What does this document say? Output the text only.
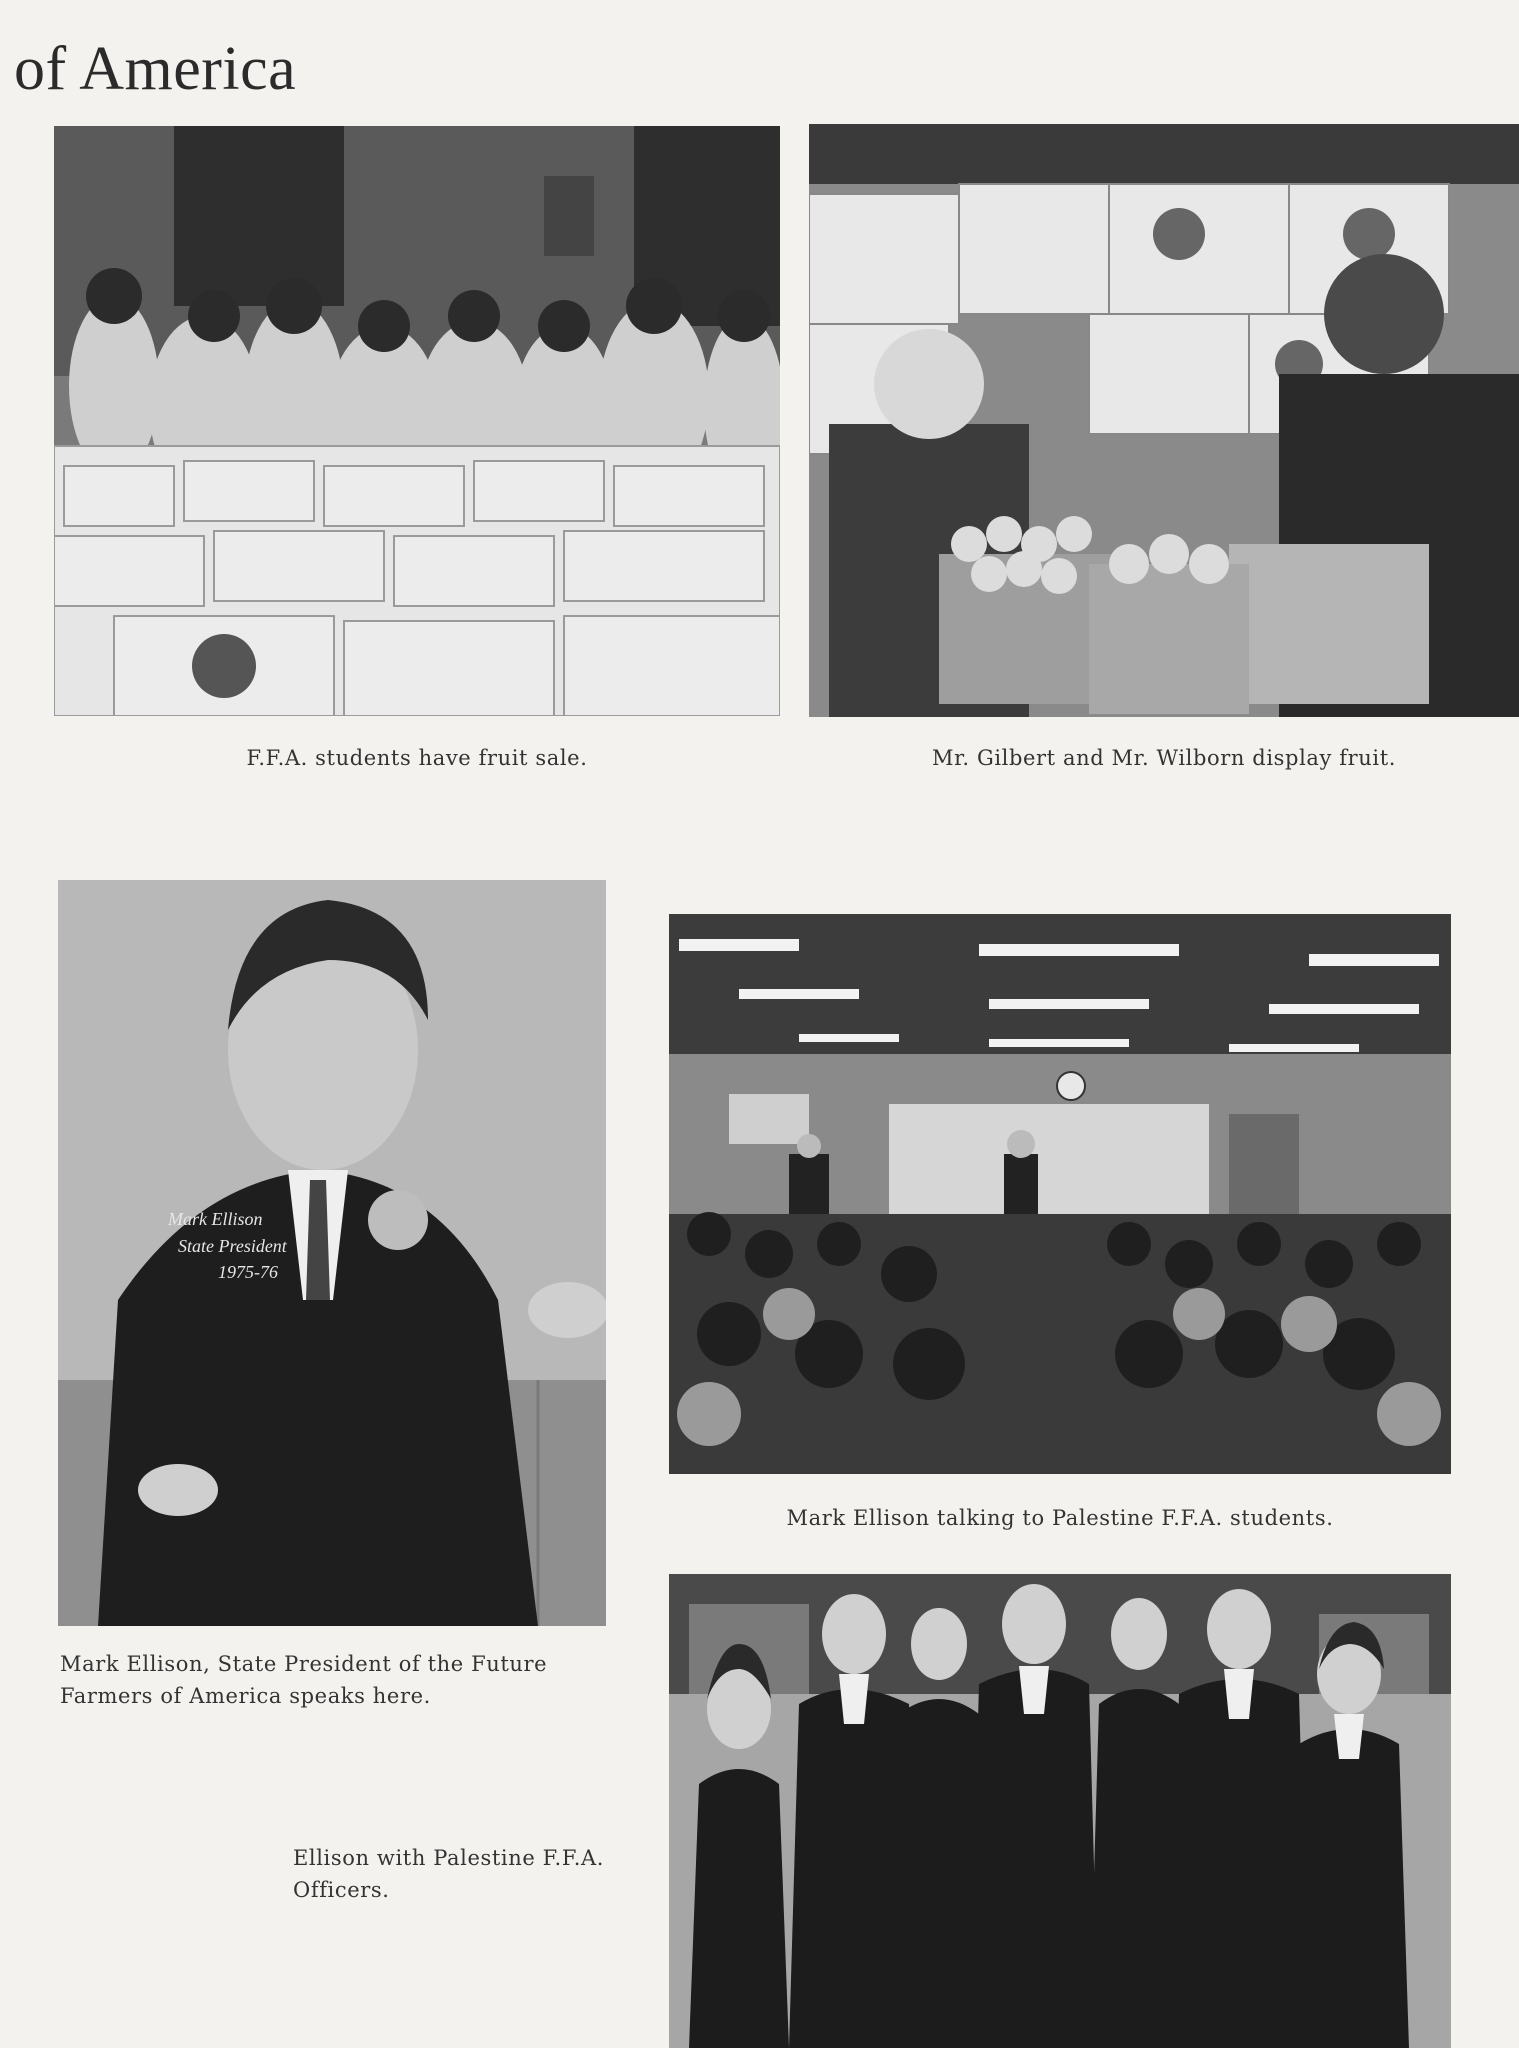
of America
F.F.A. students have fruit sale.	Mr. Gilbert and Mr. Wilborn display fruit.
Mark Ellison
State President
1975-76
Mark Ellison, State President of the Future Farmers of America speaks here.
Mark Ellison talking to Palestine F.F.A. students.
Ellison with Palestine F.F.A. Officers.
